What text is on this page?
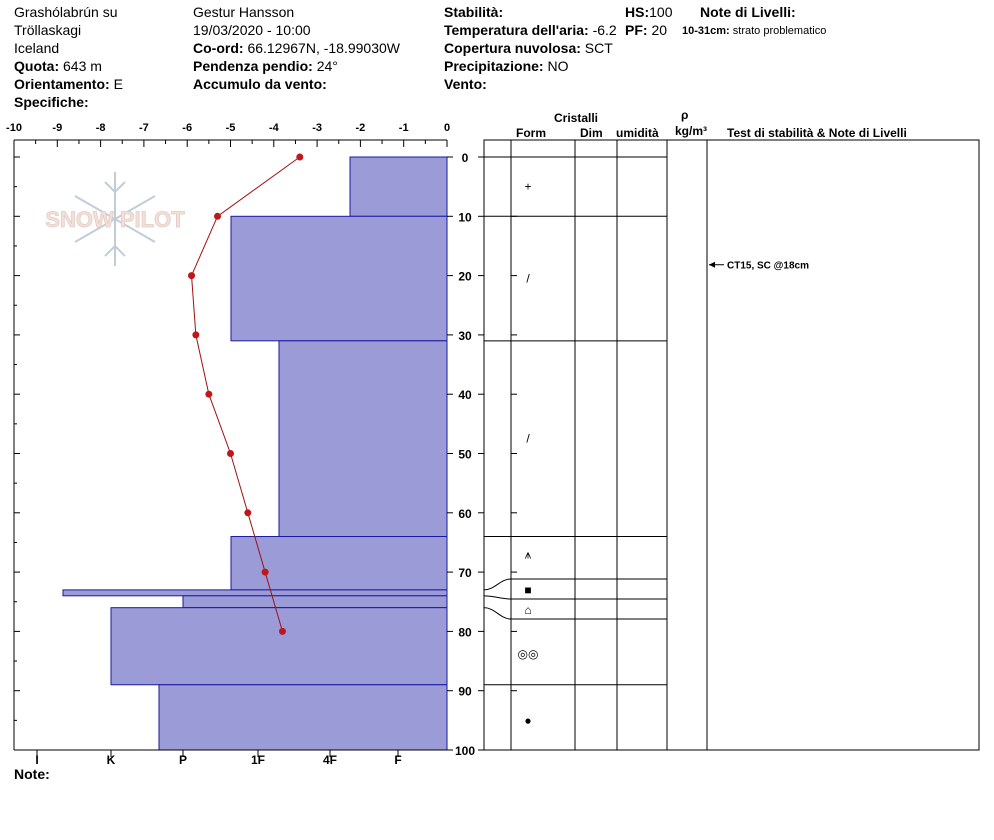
Grashólabrún su
Tröllaskagi
Iceland
Quota: 643 m
Orientamento: E
Specifiche:
Gestur Hansson
19/03/2020 - 10:00
Co-ord: 66.12967N, -18.99030W
Pendenza pendio: 24°
Accumulo da vento:
Stabilità:
Temperatura dell'aria: -6.2
Copertura nuvolosa: SCT
Precipitazione: NO
Vento:
HS:100
PF: 20
Note di Livelli:
10-31cm: strato problematico
Note:
Cristalli
Form	Dim umidità
ρ
kg/m³ Test di stabilità & Note di Livelli
SNOW PILOT
-10	-9	-8	-7	-6	-5	-4	-3	-2	-1	0
0
10
20
30
40
50
60
70
80
90
100
I	K	P	1F	4F	F
+
/
/
⩚
■
⌂
◎◎
●
CT15, SC @18cm
